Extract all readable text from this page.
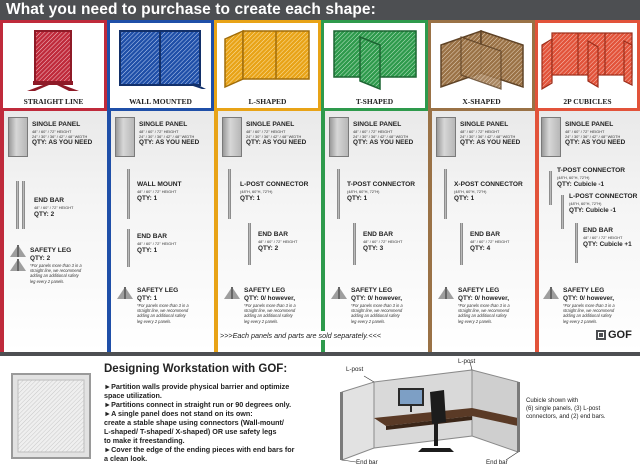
What you need to purchase to create each shape:
STRAIGHT LINE
SINGLE PANEL
48" / 60" / 72" HEIGHT
24" / 30" / 36" / 42" / 48" WIDTH
QTY: AS YOU NEED
END BAR
48" / 60" / 72" HEIGHT
QTY: 2
SAFETY LEG
QTY: 2
*For panels more than 3 in a
straight line, we recommend
adding an additional safety
leg every 2 panels.
WALL MOUNTED
SINGLE PANEL
48" / 60" / 72" HEIGHT
24" / 30" / 36" / 42" / 48" WIDTH
QTY: AS YOU NEED
WALL MOUNT
48" / 60" / 72" HEIGHT
QTY: 1
END BAR
48" / 60" / 72" HEIGHT
QTY: 1
SAFETY LEG
QTY: 1
*For panels more than 3 in a
straight line, we recommend
adding an additional safety
leg every 2 panels.
L-SHAPED
SINGLE PANEL
48" / 60" / 72" HEIGHT
24" / 30" / 36" / 42" / 48" WIDTH
QTY: AS YOU NEED
L-POST CONNECTOR
(48"H, 60"H, 72"H)
QTY: 1
END BAR
48" / 60" / 72" HEIGHT
QTY: 2
SAFETY LEG
QTY: 0/ however,
*For panels more than 3 in a
straight line, we recommend
adding an additional safety
leg every 2 panels.
T-SHAPED
SINGLE PANEL
48" / 60" / 72" HEIGHT
24" / 30" / 36" / 42" / 48" WIDTH
QTY: AS YOU NEED
T-POST CONNECTOR
(48"H, 60"H, 72"H)
QTY: 1
END BAR
48" / 60" / 72" HEIGHT
QTY: 3
SAFETY LEG
QTY: 0/ however,
*For panels more than 3 in a
straight line, we recommend
adding an additional safety
leg every 2 panels.
X-SHAPED
SINGLE PANEL
48" / 60" / 72" HEIGHT
24" / 30" / 36" / 42" / 48" WIDTH
QTY: AS YOU NEED
X-POST CONNECTOR
(48"H, 60"H, 72"H)
QTY: 1
END BAR
48" / 60" / 72" HEIGHT
QTY: 4
SAFETY LEG
QTY: 0/ however,
*For panels more than 3 in a
straight line, we recommend
adding an additional safety
leg every 2 panels.
2P CUBICLES
SINGLE PANEL
48" / 60" / 72" HEIGHT
24" / 30" / 36" / 42" / 48" WIDTH
QTY: AS YOU NEED
T-POST CONNECTOR
(48"H, 60"H, 72"H)
QTY: Cubicle -1
L-POST CONNECTOR
(48"H, 60"H, 72"H)
QTY: Cubicle -1
END BAR
48" / 60" / 72" HEIGHT
QTY: Cubicle +1
SAFETY LEG
QTY: 0/ however,
*For panels more than 3 in a
straight line, we recommend
adding an additional safety
leg every 2 panels.
>>>Each panels and parts are sold separately.<<<	GOF
Designing Workstation with GOF:
►Partition walls provide physical barrier and optimize
space utilization.
►Partitions connect in straight run or 90 degrees only.
►A single panel does not stand on its own:
create a stable shape using connectors (Wall-mount/
L-shaped/ T-shaped/ X-shaped) OR use safety legs
to make it freestanding.
►Cover the edge of the ending pieces with end bars for
a clean look.
L-post
L-post
End bar	End bar
Cubicle shown with
(6) single panels, (3) L-post
connectors, and (2) end bars.
